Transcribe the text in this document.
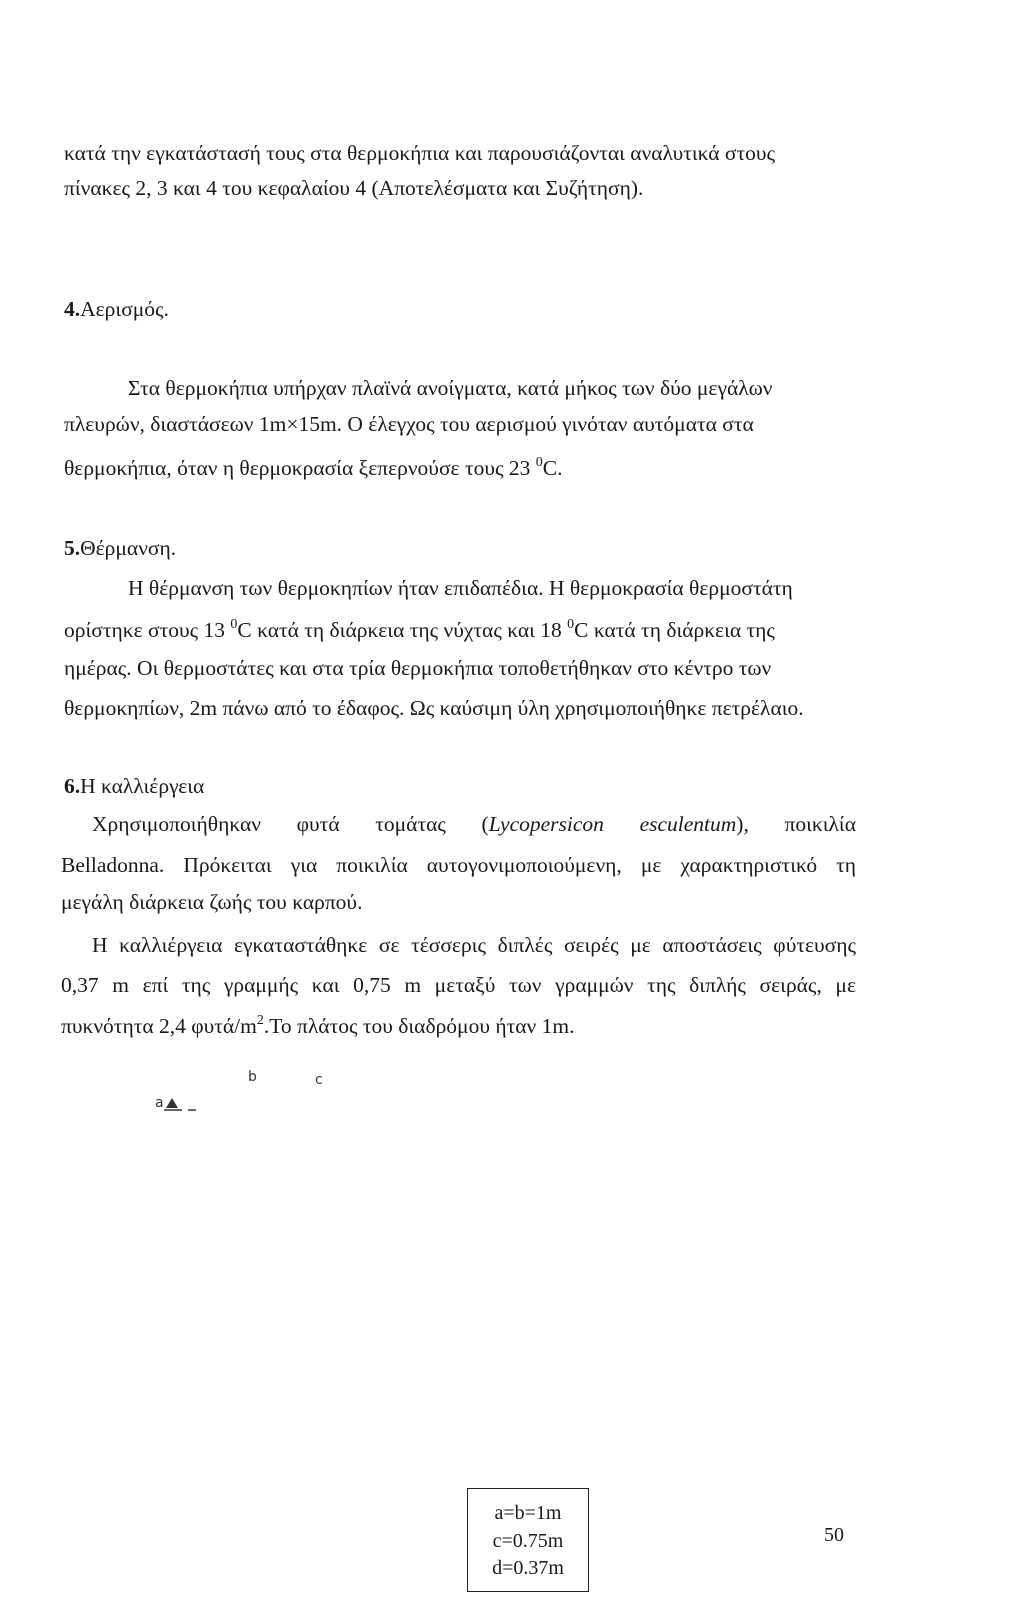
κατά την εγκατάστασή τους στα θερμοκήπια και παρουσιάζονται αναλυτικά στους

πίνακες 2, 3 και 4 του κεφαλαίου 4 (Αποτελέσματα και Συζήτηση).

4.Αερισμός.

Στα θερμοκήπια υπήρχαν πλαϊνά ανοίγματα, κατά μήκος των δύο μεγάλων

πλευρών, διαστάσεων 1m×15m. Ο έλεγχος του αερισμού γινόταν αυτόματα στα

θερμοκήπια, όταν η θερμοκρασία ξεπερνούσε τους 23 $^0$C.

5.Θέρμανση.

Η θέρμανση των θερμοκηπίων ήταν επιδαπέδια. Η θερμοκρασία θερμοστάτη

ορίστηκε στους 13 $^0$C κατά τη διάρκεια της νύχτας και 18 $^0$C κατά τη διάρκεια της

ημέρας. Οι θερμοστάτες και στα τρία θερμοκήπια τοποθετήθηκαν στο κέντρο των

θερμοκηπίων, 2m πάνω από το έδαφος. Ως καύσιμη ύλη χρησιμοποιήθηκε πετρέλαιο.

6.Η καλλιέργεια

Χρησιμοποιήθηκαν φυτά τομάτας (Lycopersicon esculentum), ποικιλία

Belladonna. Πρόκειται για ποικιλία αυτογονιμοποιούμενη, με χαρακτηριστικό τη

μεγάλη διάρκεια ζωής του καρπού.

Η καλλιέργεια εγκαταστάθηκε σε τέσσερις διπλές σειρές με αποστάσεις φύτευσης

0,37 m επί της γραμμής και 0,75 m μεταξύ των γραμμών της διπλής σειράς, με

πυκνότητα 2,4 φυτά/$m^2.To$ πλάτος του διαδρόμου ήταν 1m.

b	c
a
a=b=1m
c=0.75m
d=0.37m
50
